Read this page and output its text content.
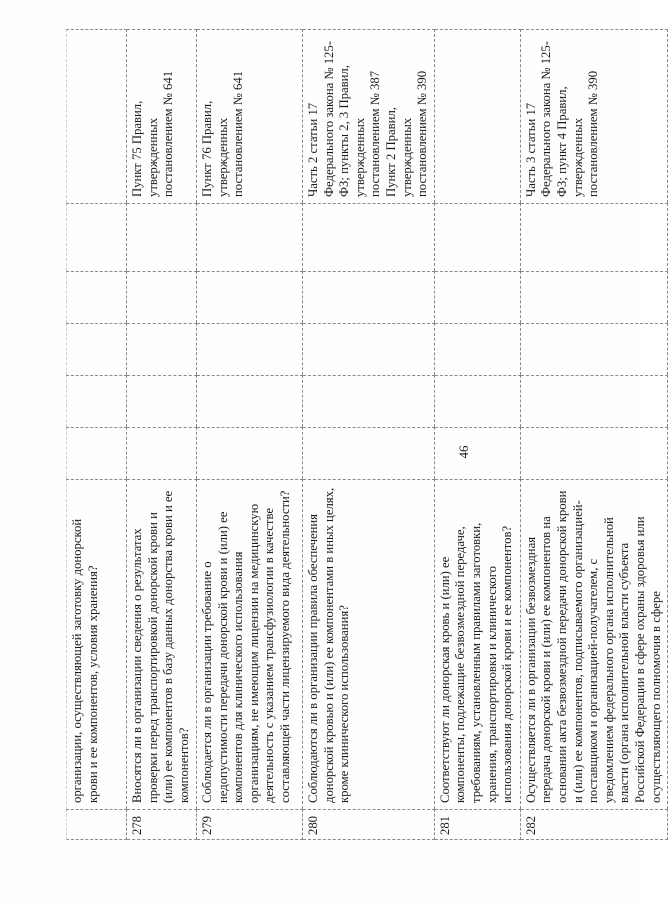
46
	организации, осуществляющей заготовку донорской крови и ее компонентов, условия хранения?						
278	Вносятся ли в организации сведения о результатах проверки перед транспортировкой донорской крови и (или) ее компонентов в базу данных донорства крови и ее компонентов?						Пункт 75 Правил, утвержденных постановлением № 641
279	Соблюдается ли в организации требование о недопустимости передачи донорской крови и (или) ее компонентов для клинического использования организациям, не имеющим лицензии на медицинскую деятельность с указанием трансфузиологии в качестве составляющей части лицензируемого вида деятельности?						Пункт 76 Правил, утвержденных постановлением № 641
280	Соблюдаются ли в организации правила обеспечения донорской кровью и (или) ее компонентами в иных целях, кроме клинического использования?						Часть 2 статьи 17 Федерального закона № 125-ФЗ; пункты 2, 3 Правил, утвержденных постановлением № 387 Пункт 2 Правил, утвержденных постановлением № 390
281	Соответствуют ли донорская кровь и (или) ее компоненты, подлежащие безвозмездной передаче, требованиям, установленным правилами заготовки, хранения, транспортировки и клинического использования донорской крови и ее компонентов?						
282	Осуществляется ли в организации безвозмездная передача донорской крови и (или) ее компонентов на основании акта безвозмездной передачи донорской крови и (или) ее компонентов, подписываемого организацией-поставщиком и организацией-получателем, с уведомлением федерального органа исполнительной власти (органа исполнительной власти субъекта Российской Федерации в сфере охраны здоровья или осуществляющего полномочия в сфере						Часть 3 статьи 17 Федерального закона № 125-ФЗ; пункт 4 Правил, утвержденных постановлением № 390
